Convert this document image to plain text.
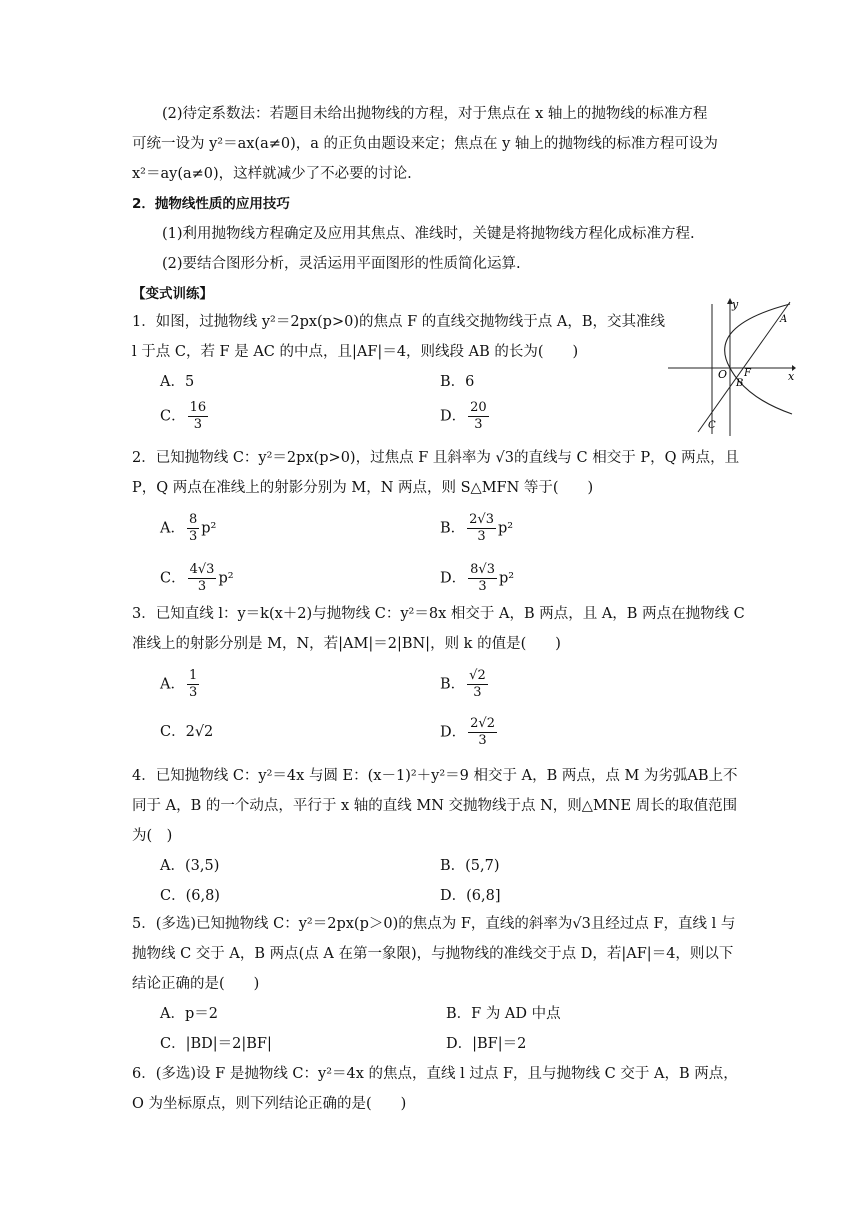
(2)待定系数法：若题目未给出抛物线的方程，对于焦点在 x 轴上的抛物线的标准方程
可统一设为 y²＝ax(a≠0)，a 的正负由题设来定；焦点在 y 轴上的抛物线的标准方程可设为
x²＝ay(a≠0)，这样就减少了不必要的讨论.
2．抛物线性质的应用技巧
(1)利用抛物线方程确定及应用其焦点、准线时，关键是将抛物线方程化成标准方程.
(2)要结合图形分析，灵活运用平面图形的性质简化运算.
【变式训练】
1．如图，过抛物线 y²＝2px(p>0)的焦点 F 的直线交抛物线于点 A，B，交其准线
l 于点 C，若 F 是 AC 的中点，且|AF|＝4，则线段 AB 的长为(　　)
A．5	B．6
C． $\frac{16}{3}$	D． $\frac{20}{3}$
y
x
O F
A
B
C
2．已知抛物线 C：y²＝2px(p>0)，过焦点 F 且斜率为 √3的直线与 C 相交于 P，Q 两点，且
P，Q 两点在准线上的射影分别为 M，N 两点，则 S△MFN 等于(　　)
A． $\frac{8}{3} p^2$	B． $\frac{2√3}{3} p^2$
C． $\frac{4√3}{3} p^2$	D． $\frac{8√3}{3} p^2$
3．已知直线 l：y＝k(x＋2)与抛物线 C：y²＝8x 相交于 A，B 两点，且 A，B 两点在抛物线 C
准线上的射影分别是 M，N，若|AM|＝2|BN|，则 k 的值是(　　)
A． $\frac{1}{3}$	B． $\frac{√2}{3}$
C．2√2	D． $\frac{2√2}{3}$
4．已知抛物线 C：y²＝4x 与圆 E：(x－1)²＋y²＝9 相交于 A，B 两点，点 M 为劣弧AB上不
同于 A，B 的一个动点，平行于 x 轴的直线 MN 交抛物线于点 N，则△MNE 周长的取值范围
为(　)
A．(3,5)	B．(5,7)
C．(6,8)	D．(6,8]
5．(多选)已知抛物线 C：y²＝2px(p＞0)的焦点为 F，直线的斜率为√3且经过点 F，直线 l 与
抛物线 C 交于 A，B 两点(点 A 在第一象限)，与抛物线的准线交于点 D，若|AF|＝4，则以下
结论正确的是(　　)
A．p＝2	B．F 为 AD 中点
C．|BD|＝2|BF|	D．|BF|＝2
6．(多选)设 F 是抛物线 C：y²＝4x 的焦点，直线 l 过点 F，且与抛物线 C 交于 A，B 两点，
O 为坐标原点，则下列结论正确的是(　　)
